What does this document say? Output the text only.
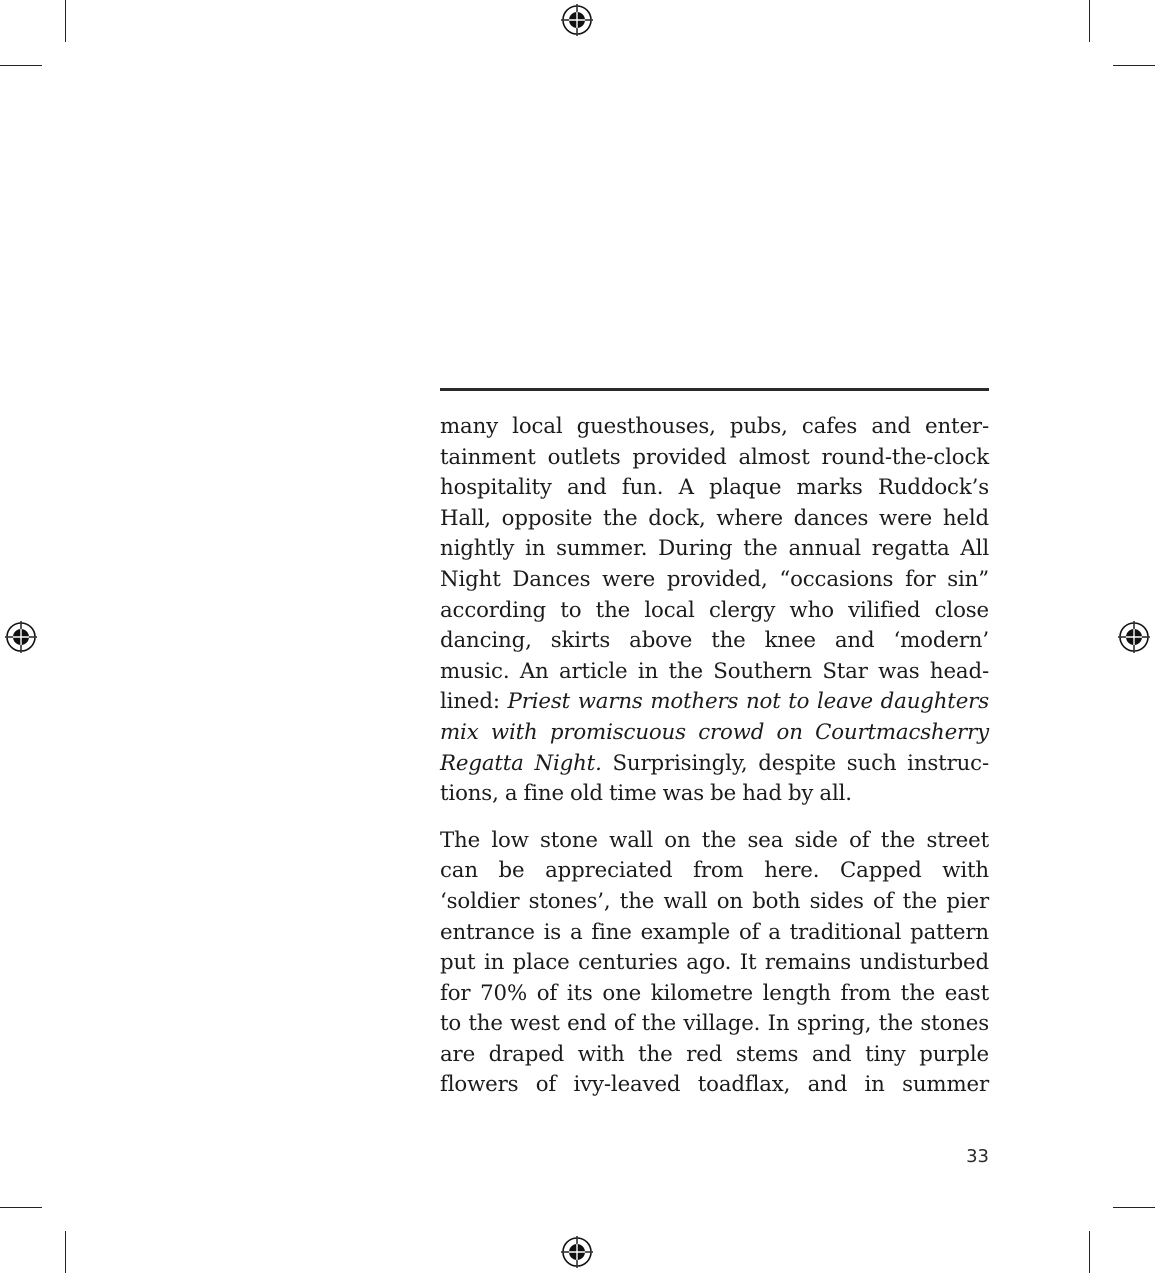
many local guesthouses, pubs, cafes and enter-
tainment outlets provided almost round-the-clock
hospitality and fun. A plaque marks Ruddock’s
Hall, opposite the dock, where dances were held
nightly in summer. During the annual regatta All
Night Dances were provided, “occasions for sin”
according to the local clergy who vilified close
dancing, skirts above the knee and ‘modern’
music. An article in the Southern Star was head-
lined: Priest warns mothers not to leave daughters
mix with promiscuous crowd on Courtmacsherry
Regatta Night. Surprisingly, despite such instruc-
tions, a fine old time was be had by all.
The low stone wall on the sea side of the street
can be appreciated from here. Capped with
‘soldier stones’, the wall on both sides of the pier
entrance is a fine example of a traditional pattern
put in place centuries ago. It remains undisturbed
for 70% of its one kilometre length from the east
to the west end of the village. In spring, the stones
are draped with the red stems and tiny purple
flowers of ivy-leaved toadflax, and in summer
33
